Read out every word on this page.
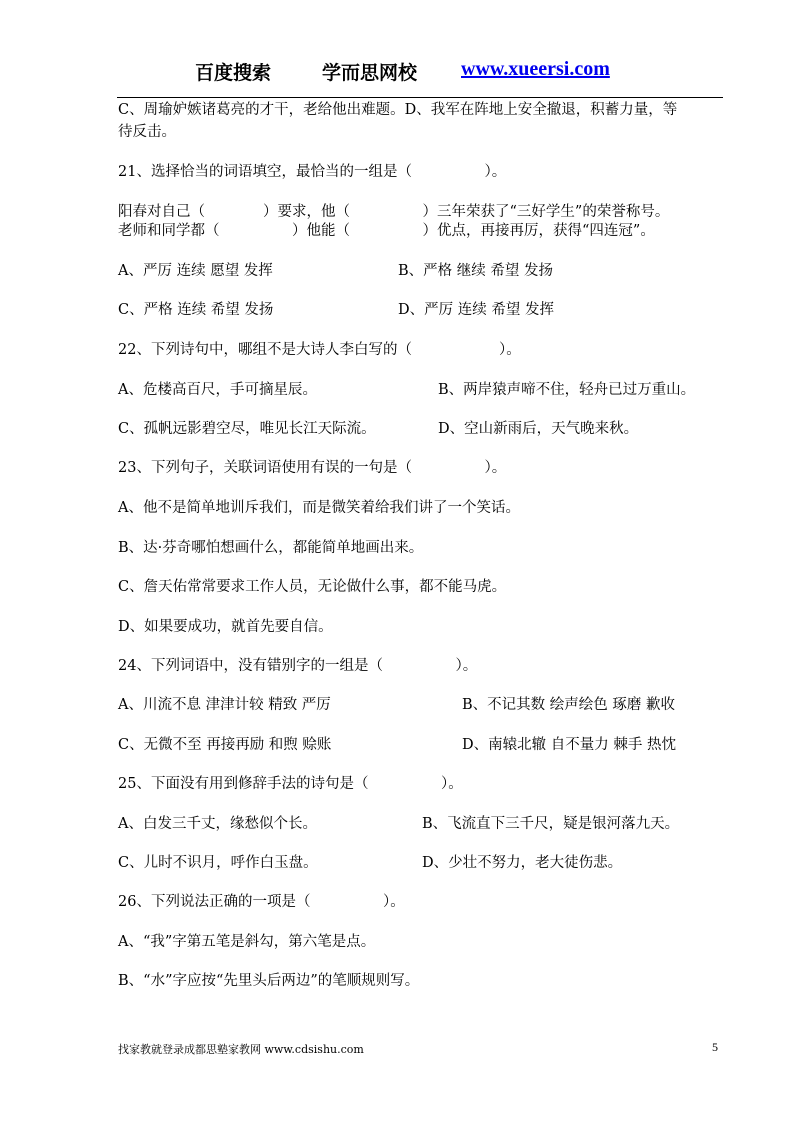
百度搜索	学而思网校 www.xueersi.com
C、周瑜妒嫉诸葛亮的才干，老给他出难题。D、我军在阵地上安全撤退，积蓄力量，等
待反击。
21、选择恰当的词语填空，最恰当的一组是（　　　　　）。
阳春对自己（　　　　）要求，他（　　　　　）三年荣获了“三好学生”的荣誉称号。
老师和同学都（　　　　　）他能（　　　　　）优点，再接再厉，获得“四连冠”。
A、严厉 连续 愿望 发挥	B、严格 继续 希望 发扬
C、严格 连续 希望 发扬	D、严厉 连续 希望 发挥
22、下列诗句中，哪组不是大诗人李白写的（　　　　　　）。
A、危楼高百尺，手可摘星辰。	B、两岸猿声啼不住，轻舟已过万重山。
C、孤帆远影碧空尽，唯见长江天际流。	D、空山新雨后，天气晚来秋。
23、下列句子，关联词语使用有误的一句是（　　　　　）。
A、他不是简单地训斥我们，而是微笑着给我们讲了一个笑话。
B、达·芬奇哪怕想画什么，都能简单地画出来。
C、詹天佑常常要求工作人员，无论做什么事，都不能马虎。
D、如果要成功，就首先要自信。
24、下列词语中，没有错别字的一组是（　　　　　）。
A、川流不息 津津计较 精致 严厉	B、不记其数 绘声绘色 琢磨 歉收
C、无微不至 再接再励 和煦 赊账	D、南辕北辙 自不量力 棘手 热忱
25、下面没有用到修辞手法的诗句是（　　　　　）。
A、白发三千丈，缘愁似个长。	B、飞流直下三千尺，疑是银河落九天。
C、儿时不识月，呼作白玉盘。	D、少壮不努力，老大徒伤悲。
26、下列说法正确的一项是（　　　　　）。
A、“我”字第五笔是斜勾，第六笔是点。
B、“水”字应按“先里头后两边”的笔顺规则写。
找家教就登录成都思塾家教网 www.cdsishu.com	5
